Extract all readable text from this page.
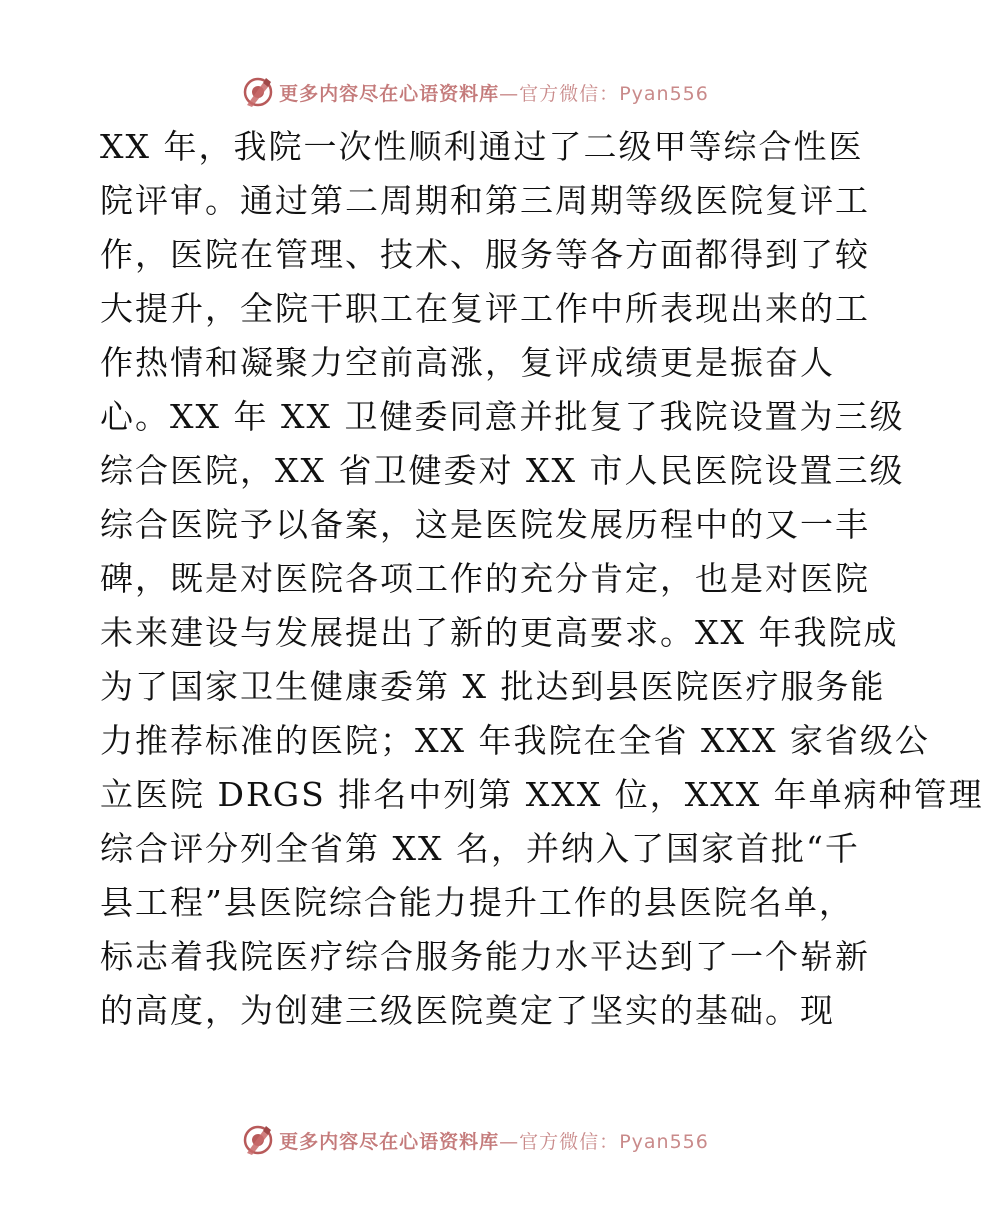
更多内容尽在心语资料库—官方微信：Pyan556
XX 年，我院一次性顺利通过了二级甲等综合性医
院评审。通过第二周期和第三周期等级医院复评工
作，医院在管理、技术、服务等各方面都得到了较
大提升，全院干职工在复评工作中所表现出来的工
作热情和凝聚力空前高涨，复评成绩更是振奋人
心。XX 年 XX 卫健委同意并批复了我院设置为三级
综合医院，XX 省卫健委对 XX 市人民医院设置三级
综合医院予以备案，这是医院发展历程中的又一丰
碑，既是对医院各项工作的充分肯定，也是对医院
未来建设与发展提出了新的更高要求。XX 年我院成
为了国家卫生健康委第 X 批达到县医院医疗服务能
力推荐标准的医院；XX 年我院在全省 XXX 家省级公
立医院 DRGS 排名中列第 XXX 位，XXX 年单病种管理
综合评分列全省第 XX 名，并纳入了国家首批“千
县工程”县医院综合能力提升工作的县医院名单，
标志着我院医疗综合服务能力水平达到了一个崭新
的高度，为创建三级医院奠定了坚实的基础。现
更多内容尽在心语资料库—官方微信：Pyan556
